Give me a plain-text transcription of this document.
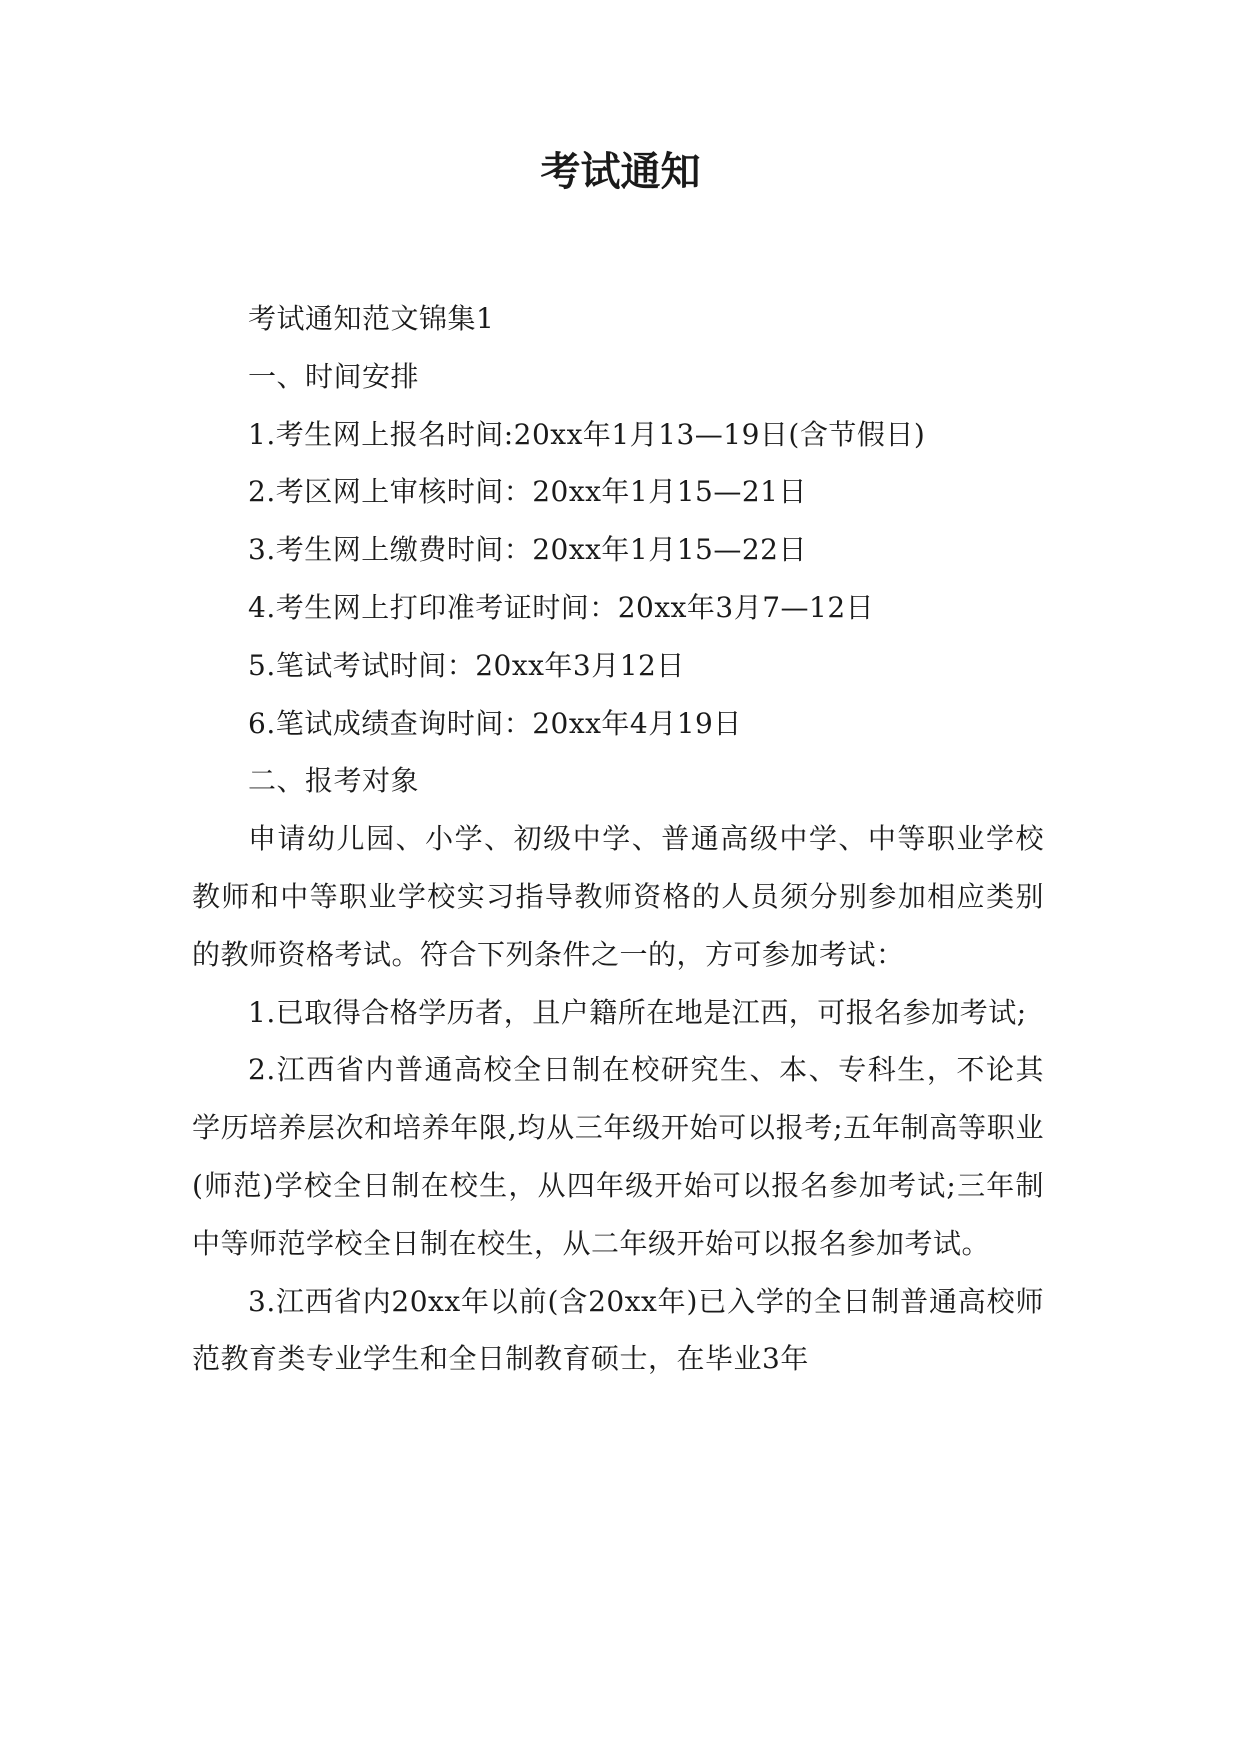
考试通知

考试通知范文锦集1

一、时间安排

1.考生网上报名时间:20xx年1月13—19日(含节假日)

2.考区网上审核时间：20xx年1月15—21日

3.考生网上缴费时间：20xx年1月15—22日

4.考生网上打印准考证时间：20xx年3月7—12日

5.笔试考试时间：20xx年3月12日

6.笔试成绩查询时间：20xx年4月19日

二、报考对象

申请幼儿园、小学、初级中学、普通高级中学、中等职业学校教师和中等职业学校实习指导教师资格的人员须分别参加相应类别的教师资格考试。符合下列条件之一的，方可参加考试：

1.已取得合格学历者，且户籍所在地是江西，可报名参加考试;

2.江西省内普通高校全日制在校研究生、本、专科生，不论其学历培养层次和培养年限,均从三年级开始可以报考;五年制高等职业(师范)学校全日制在校生，从四年级开始可以报名参加考试;三年制中等师范学校全日制在校生，从二年级开始可以报名参加考试。

3.江西省内20xx年以前(含20xx年)已入学的全日制普通高校师范教育类专业学生和全日制教育硕士，在毕业3年
